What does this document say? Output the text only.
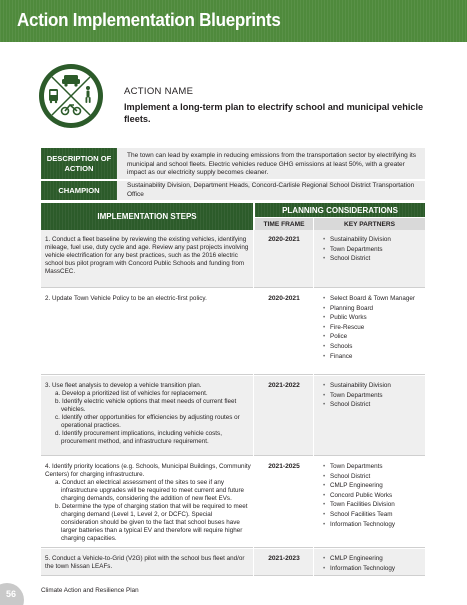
Action Implementation Blueprints
ACTION NAME
Implement a long-term plan to electrify school and municipal vehicle fleets.
DESCRIPTION OF ACTION
The town can lead by example in reducing emissions from the transportation sector by electrifying its municipal and school fleets. Electric vehicles reduce GHG emissions at least 50%, with a greater impact as our electricity supply becomes cleaner.
CHAMPION	Sustainability Division, Department Heads, Concord-Carlisle Regional School District Transportation Office
IMPLEMENTATION STEPS
PLANNING CONSIDERATIONS
TIME FRAME	KEY PARTNERS
1. Conduct a fleet baseline by reviewing the existing vehicles, identifying mileage, fuel use, duty cycle and age. Review any past projects involving vehicle electrification for any best practices, such as the 2016 electric school bus pilot program with Concord Public Schools and funding from MassCEC.
2020-2021	• Sustainability Division
• Town Departments
• School District
2. Update Town Vehicle Policy to be an electric-first policy.	2020-2021	• Select Board & Town Manager
• Planning Board
• Public Works
• Fire-Rescue
• Police
• Schools
• Finance
3. Use fleet analysis to develop a vehicle transition plan.
a. Develop a prioritized list of vehicles for replacement.
b. Identify electric vehicle options that meet needs of current fleet vehicles.
c. Identify other opportunities for efficiencies by adjusting routes or operational practices.
d. Identify procurement implications, including vehicle costs, procurement method, and infrastructure requirement.
2021-2022	• Sustainability Division
• Town Departments
• School District
4. Identify priority locations (e.g. Schools, Municipal Buildings, Community Centers) for charging infrastructure.
a. Conduct an electrical assessment of the sites to see if any infrastructure upgrades will be required to meet current and future charging demands, considering the addition of new fleet EVs.
b. Determine the type of charging station that will be required to meet charging demand (Level 1, Level 2, or DCFC). Special consideration should be given to the fact that school buses have larger batteries than a typical EV and therefore will require higher charging capacities.
2021-2025	• Town Departments
• School District
• CMLP Engineering
• Concord Public Works
• Town Facilities Division
• School Facilities Team
• Information Technology
5. Conduct a Vehicle-to-Grid (V2G) pilot with the school bus fleet and/or the town Nissan LEAFs.
2021-2023	• CMLP Engineering
• Information Technology
Climate Action and Resilience Plan
56
